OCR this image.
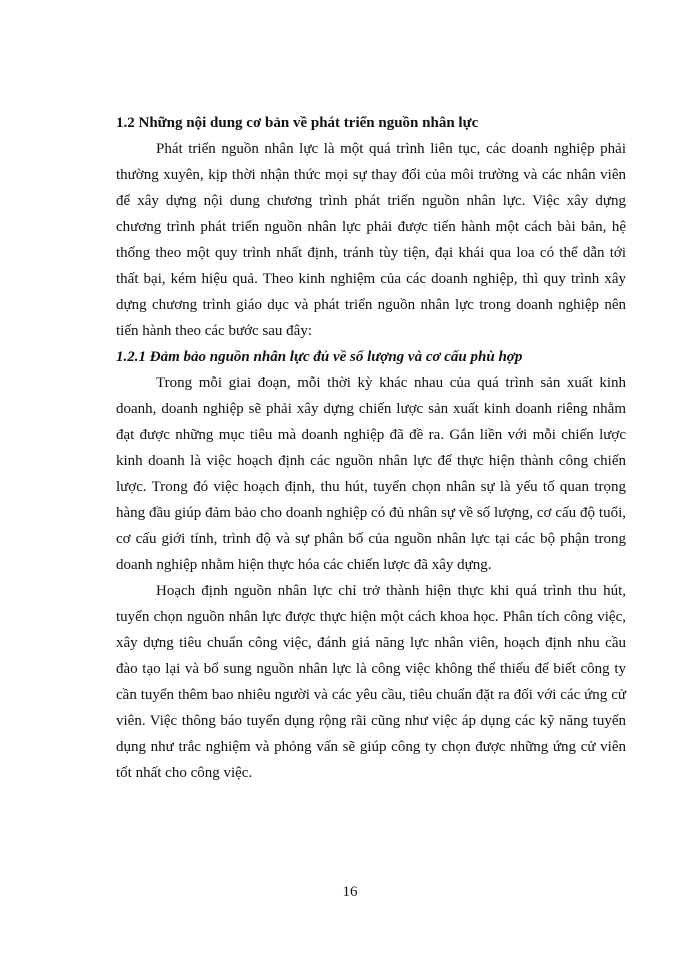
1.2 Những nội dung cơ bản về phát triển nguồn nhân lực

Phát triển nguồn nhân lực là một quá trình liên tục, các doanh nghiệp phải thường xuyên, kịp thời nhận thức mọi sự thay đổi của môi trường và các nhân viên để xây dựng nội dung chương trình phát triển nguồn nhân lực. Việc xây dựng chương trình phát triển nguồn nhân lực phải được tiến hành một cách bài bản, hệ thống theo một quy trình nhất định, tránh tùy tiện, đại khái qua loa có thể dẫn tới thất bại, kém hiệu quả. Theo kinh nghiệm của các doanh nghiệp, thì quy trình xây dựng chương trình giáo dục và phát triển nguồn nhân lực trong doanh nghiệp nên tiến hành theo các bước sau đây:

1.2.1 Đảm bảo nguồn nhân lực đủ về số lượng và cơ cấu phù hợp

Trong mỗi giai đoạn, mỗi thời kỳ khác nhau của quá trình sản xuất kinh doanh, doanh nghiệp sẽ phải xây dựng chiến lược sản xuất kinh doanh riêng nhằm đạt được những mục tiêu mà doanh nghiệp đã đề ra. Gắn liền với mỗi chiến lược kinh doanh là việc hoạch định các nguồn nhân lực để thực hiện thành công chiến lược. Trong đó việc hoạch định, thu hút, tuyển chọn nhân sự là yếu tố quan trọng hàng đầu giúp đảm bảo cho doanh nghiệp có đủ nhân sự về số lượng, cơ cấu độ tuổi, cơ cấu giới tính, trình độ và sự phân bố của nguồn nhân lực tại các bộ phận trong doanh nghiệp nhằm hiện thực hóa các chiến lược đã xây dựng.

Hoạch định nguồn nhân lực chỉ trở thành hiện thực khi quá trình thu hút, tuyển chọn nguồn nhân lực được thực hiện một cách khoa học. Phân tích công việc, xây dựng tiêu chuẩn công việc, đánh giá năng lực nhân viên, hoạch định nhu cầu đào tạo lại và bổ sung nguồn nhân lực là công việc không thể thiếu để biết công ty cần tuyển thêm bao nhiêu người và các yêu cầu, tiêu chuẩn đặt ra đối với các ứng cử viên. Việc thông báo tuyển dụng rộng rãi cũng như việc áp dụng các kỹ năng tuyển dụng như trắc nghiệm và phỏng vấn sẽ giúp công ty chọn được những ứng cử viên tốt nhất cho công việc.

16
